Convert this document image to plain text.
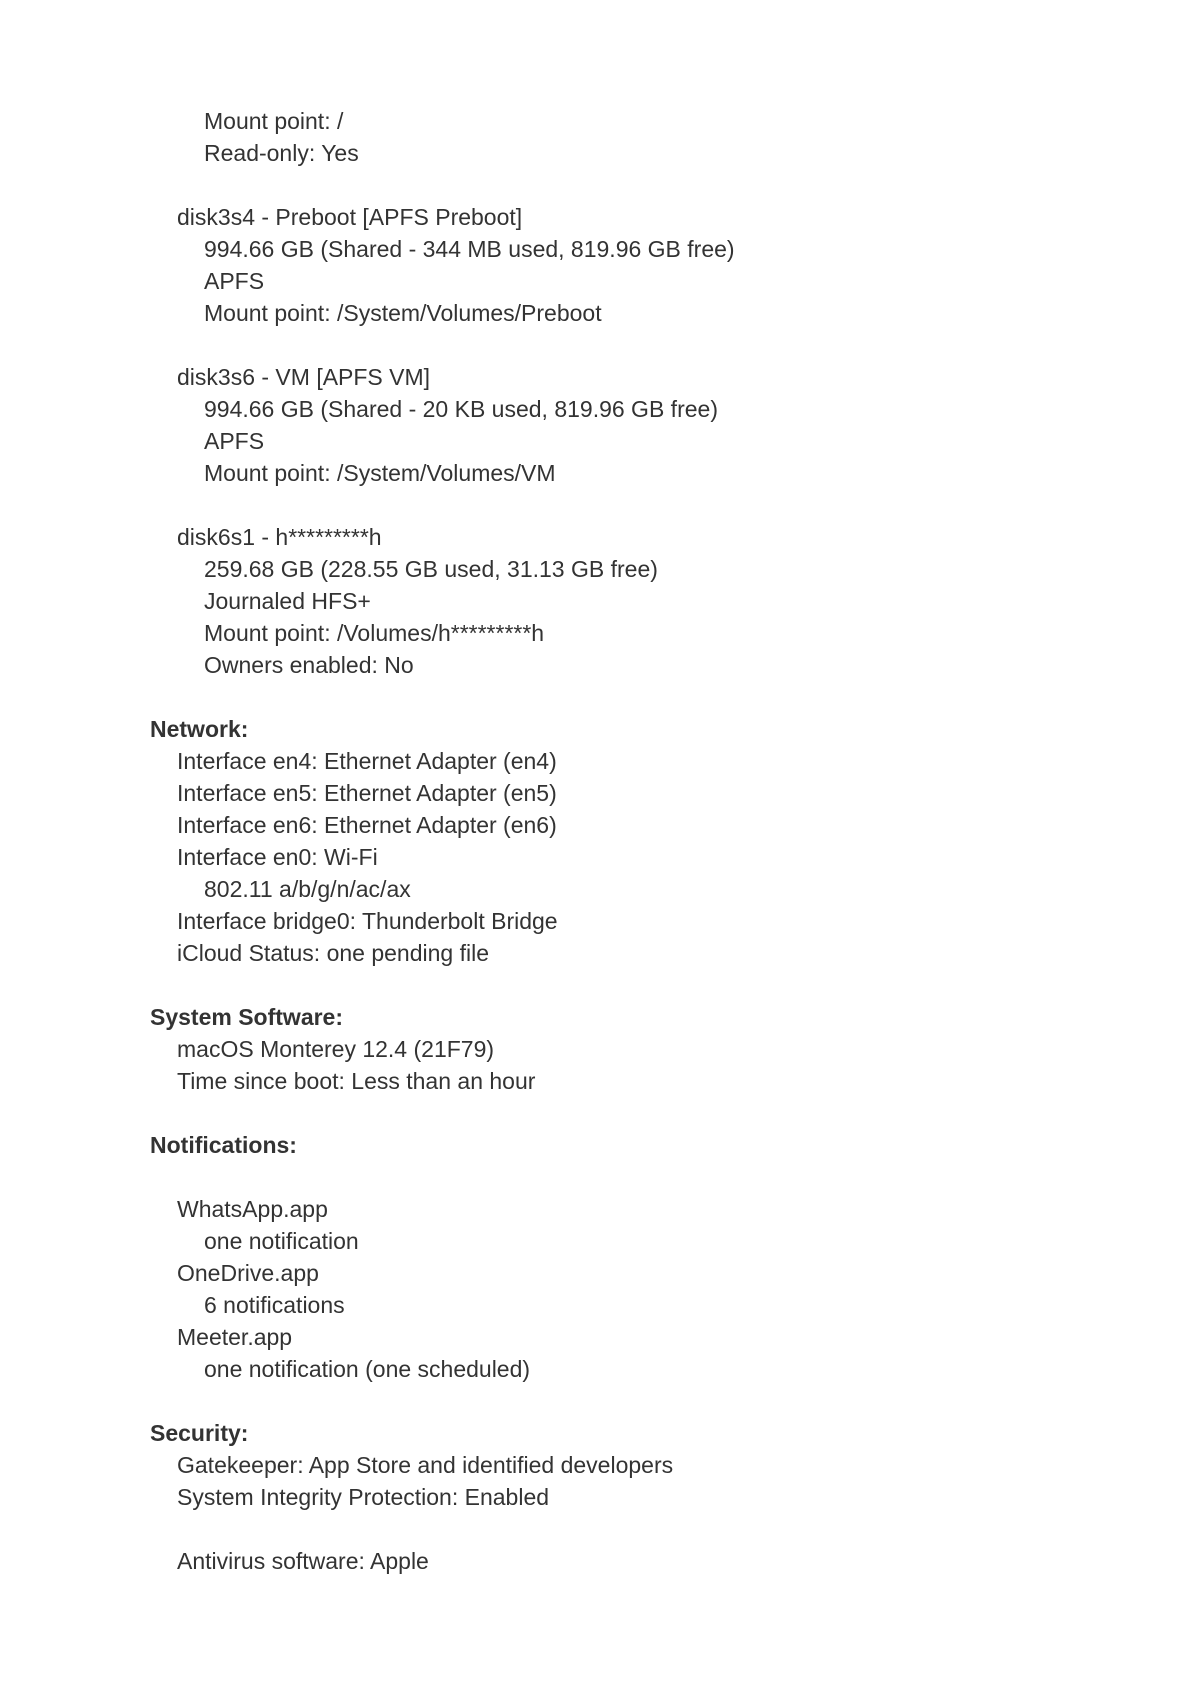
Mount point: /
Read-only: Yes
disk3s4 - Preboot [APFS Preboot]
994.66 GB (Shared - 344 MB used, 819.96 GB free)
APFS
Mount point: /System/Volumes/Preboot
disk3s6 - VM [APFS VM]
994.66 GB (Shared - 20 KB used, 819.96 GB free)
APFS
Mount point: /System/Volumes/VM
disk6s1 - h*********h
259.68 GB (228.55 GB used, 31.13 GB free)
Journaled HFS+
Mount point: /Volumes/h*********h
Owners enabled: No
Network:
Interface en4: Ethernet Adapter (en4)
Interface en5: Ethernet Adapter (en5)
Interface en6: Ethernet Adapter (en6)
Interface en0: Wi-Fi
802.11 a/b/g/n/ac/ax
Interface bridge0: Thunderbolt Bridge
iCloud Status: one pending file
System Software:
macOS Monterey 12.4 (21F79)
Time since boot: Less than an hour
Notifications:
WhatsApp.app
one notification
OneDrive.app
6 notifications
Meeter.app
one notification (one scheduled)
Security:
Gatekeeper: App Store and identified developers
System Integrity Protection: Enabled
Antivirus software: Apple
